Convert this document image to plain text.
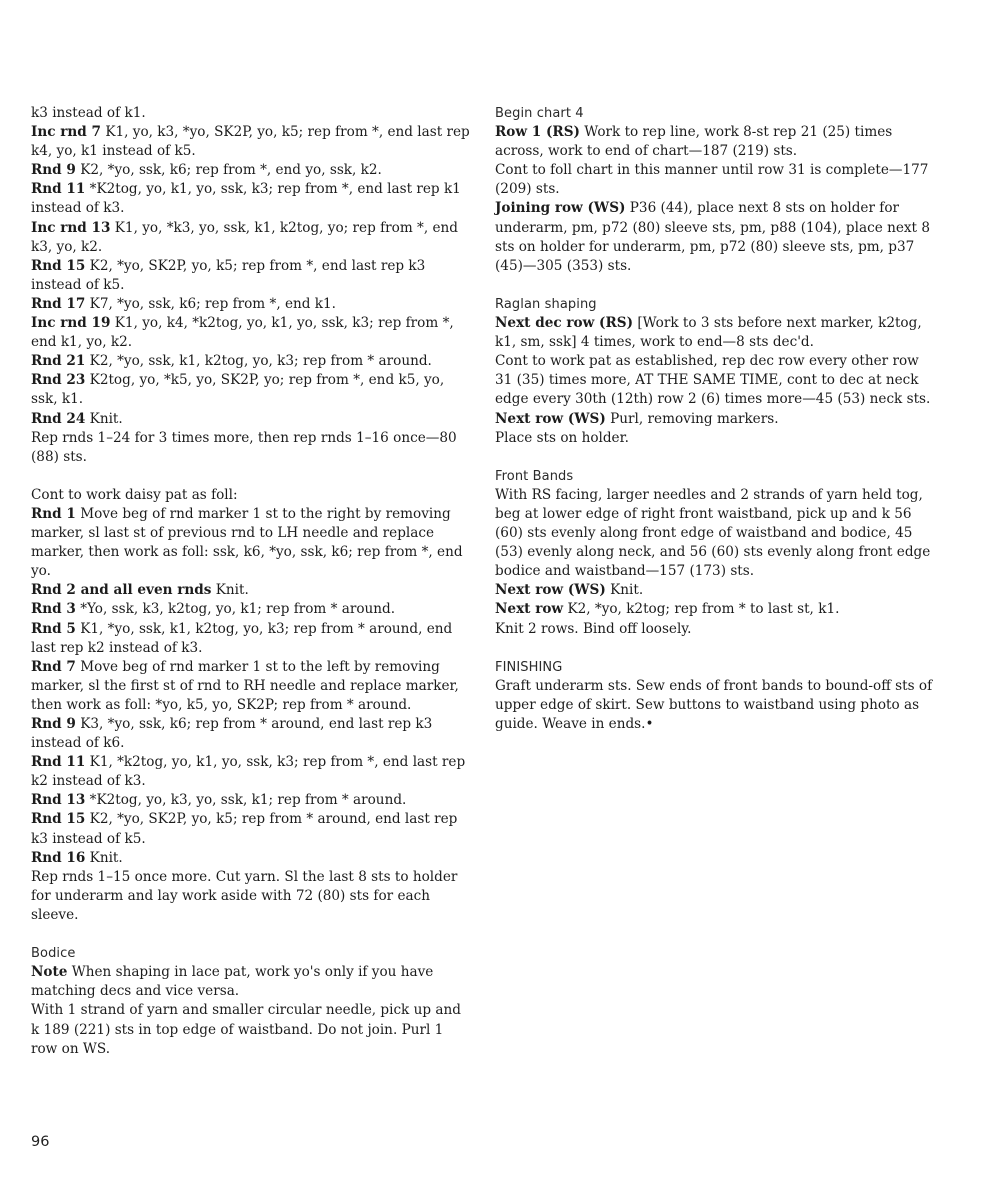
k3 instead of k1.

Inc rnd 7 K1, yo, k3, *yo, SK2P, yo, k5; rep from *, end last rep k4, yo, k1 instead of k5.

Rnd 9 K2, *yo, ssk, k6; rep from *, end yo, ssk, k2.

Rnd 11 *K2tog, yo, k1, yo, ssk, k3; rep from *, end last rep k1 instead of k3.

Inc rnd 13 K1, yo, *k3, yo, ssk, k1, k2tog, yo; rep from *, end k3, yo, k2.

Rnd 15 K2, *yo, SK2P, yo, k5; rep from *, end last rep k3 instead of k5.

Rnd 17 K7, *yo, ssk, k6; rep from *, end k1.

Inc rnd 19 K1, yo, k4, *k2tog, yo, k1, yo, ssk, k3; rep from *, end k1, yo, k2.

Rnd 21 K2, *yo, ssk, k1, k2tog, yo, k3; rep from * around.

Rnd 23 K2tog, yo, *k5, yo, SK2P, yo; rep from *, end k5, yo, ssk, k1.

Rnd 24 Knit.

Rep rnds 1–24 for 3 times more, then rep rnds 1–16 once—80 (88) sts.

Cont to work daisy pat as foll:

Rnd 1 Move beg of rnd marker 1 st to the right by removing marker, sl last st of previous rnd to LH needle and replace marker, then work as foll: ssk, k6, *yo, ssk, k6; rep from *, end yo.

Rnd 2 and all even rnds Knit.

Rnd 3 *Yo, ssk, k3, k2tog, yo, k1; rep from * around.

Rnd 5 K1, *yo, ssk, k1, k2tog, yo, k3; rep from * around, end last rep k2 instead of k3.

Rnd 7 Move beg of rnd marker 1 st to the left by removing marker, sl the first st of rnd to RH needle and replace marker, then work as foll: *yo, k5, yo, SK2P; rep from * around.

Rnd 9 K3, *yo, ssk, k6; rep from * around, end last rep k3 instead of k6.

Rnd 11 K1, *k2tog, yo, k1, yo, ssk, k3; rep from *, end last rep k2 instead of k3.

Rnd 13 *K2tog, yo, k3, yo, ssk, k1; rep from * around.

Rnd 15 K2, *yo, SK2P, yo, k5; rep from * around, end last rep k3 instead of k5.

Rnd 16 Knit.

Rep rnds 1–15 once more. Cut yarn. Sl the last 8 sts to holder for underarm and lay work aside with 72 (80) sts for each sleeve.

Bodice

Note When shaping in lace pat, work yo's only if you have matching decs and vice versa.

With 1 strand of yarn and smaller circular needle, pick up and k 189 (221) sts in top edge of waistband. Do not join. Purl 1 row on WS.

Begin chart 4

Row 1 (RS) Work to rep line, work 8-st rep 21 (25) times across, work to end of chart—187 (219) sts.

Cont to foll chart in this manner until row 31 is complete—177 (209) sts.

Joining row (WS) P36 (44), place next 8 sts on holder for underarm, pm, p72 (80) sleeve sts, pm, p88 (104), place next 8 sts on holder for underarm, pm, p72 (80) sleeve sts, pm, p37 (45)—305 (353) sts.

Raglan shaping

Next dec row (RS) [Work to 3 sts before next marker, k2tog, k1, sm, ssk] 4 times, work to end—8 sts dec'd.

Cont to work pat as established, rep dec row every other row 31 (35) times more, AT THE SAME TIME, cont to dec at neck edge every 30th (12th) row 2 (6) times more—45 (53) neck sts.

Next row (WS) Purl, removing markers.

Place sts on holder.

Front Bands

With RS facing, larger needles and 2 strands of yarn held tog, beg at lower edge of right front waistband, pick up and k 56 (60) sts evenly along front edge of waistband and bodice, 45 (53) evenly along neck, and 56 (60) sts evenly along front edge bodice and waistband—157 (173) sts.

Next row (WS) Knit.

Next row K2, *yo, k2tog; rep from * to last st, k1.

Knit 2 rows. Bind off loosely.

FINISHING

Graft underarm sts. Sew ends of front bands to bound-off sts of upper edge of skirt. Sew buttons to waistband using photo as guide. Weave in ends.•

96
